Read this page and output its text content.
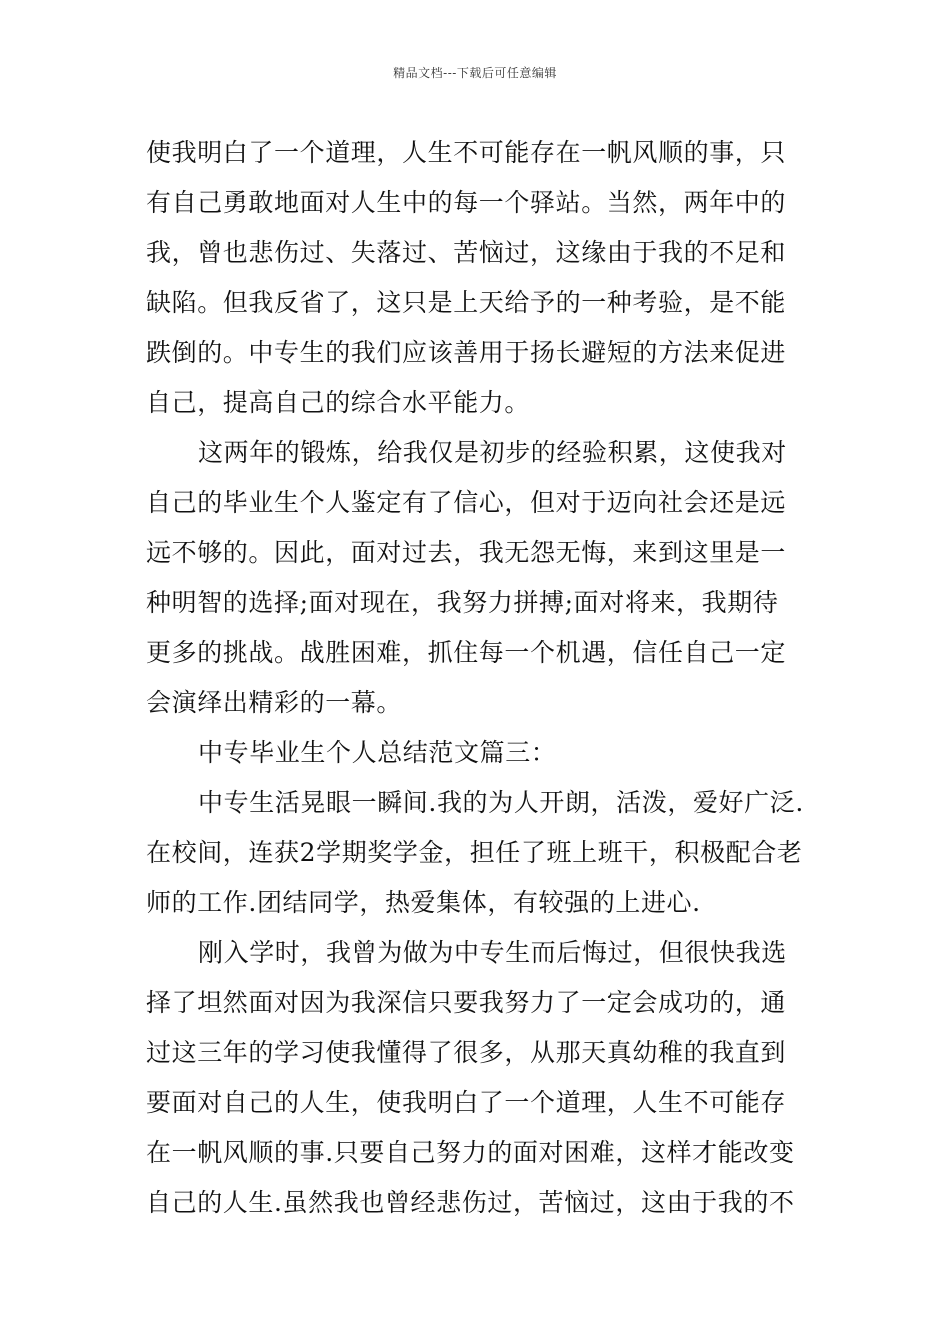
精品文档---下载后可任意编辑
使我明白了一个道理，人生不可能存在一帆风顺的事，只
有自己勇敢地面对人生中的每一个驿站。当然，两年中的
我，曾也悲伤过、失落过、苦恼过，这缘由于我的不足和
缺陷。但我反省了，这只是上天给予的一种考验，是不能
跌倒的。中专生的我们应该善用于扬长避短的方法来促进
自己，提高自己的综合水平能力。
这两年的锻炼，给我仅是初步的经验积累，这使我对
自己的毕业生个人鉴定有了信心，但对于迈向社会还是远
远不够的。因此，面对过去，我无怨无悔，来到这里是一
种明智的选择;面对现在，我努力拼搏;面对将来，我期待
更多的挑战。战胜困难，抓住每一个机遇，信任自己一定
会演绎出精彩的一幕。
中专毕业生个人总结范文篇三：
中专生活晃眼一瞬间.我的为人开朗，活泼，爱好广泛.
在校间，连获2学期奖学金，担任了班上班干，积极配合老
师的工作.团结同学，热爱集体，有较强的上进心.
刚入学时，我曾为做为中专生而后悔过，但很快我选
择了坦然面对因为我深信只要我努力了一定会成功的，通
过这三年的学习使我懂得了很多，从那天真幼稚的我直到
要面对自己的人生，使我明白了一个道理，人生不可能存
在一帆风顺的事.只要自己努力的面对困难，这样才能改变
自己的人生.虽然我也曾经悲伤过，苦恼过，这由于我的不
